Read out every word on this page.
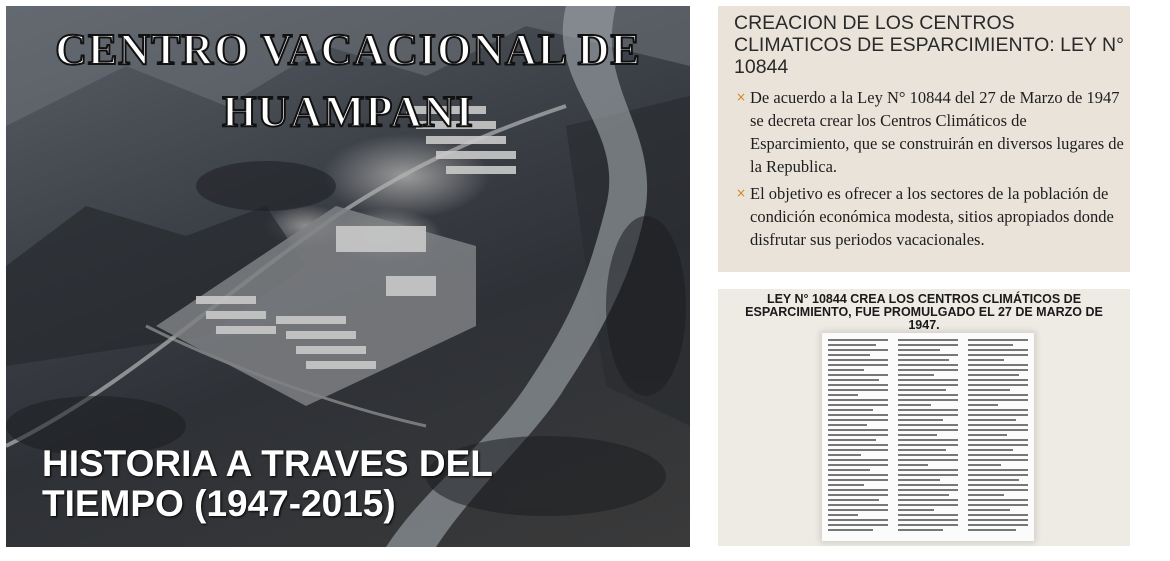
CENTRO VACACIONAL DE
HUAMPANI
HISTORIA A TRAVES DEL
TIEMPO (1947-2015)
CREACION DE LOS CENTROS CLIMATICOS DE ESPARCIMIENTO: LEY N° 10844
× De acuerdo a la Ley N° 10844 del 27 de Marzo de 1947 se decreta crear los Centros Climáticos de Esparcimiento, que se construirán en diversos lugares de la Republica.
× El objetivo es ofrecer a los sectores de la población de condición económica modesta, sitios apropiados donde disfrutar sus periodos vacacionales.
LEY N° 10844 CREA LOS CENTROS CLIMÁTICOS DE ESPARCIMIENTO, FUE PROMULGADO EL 27 DE MARZO DE 1947.
